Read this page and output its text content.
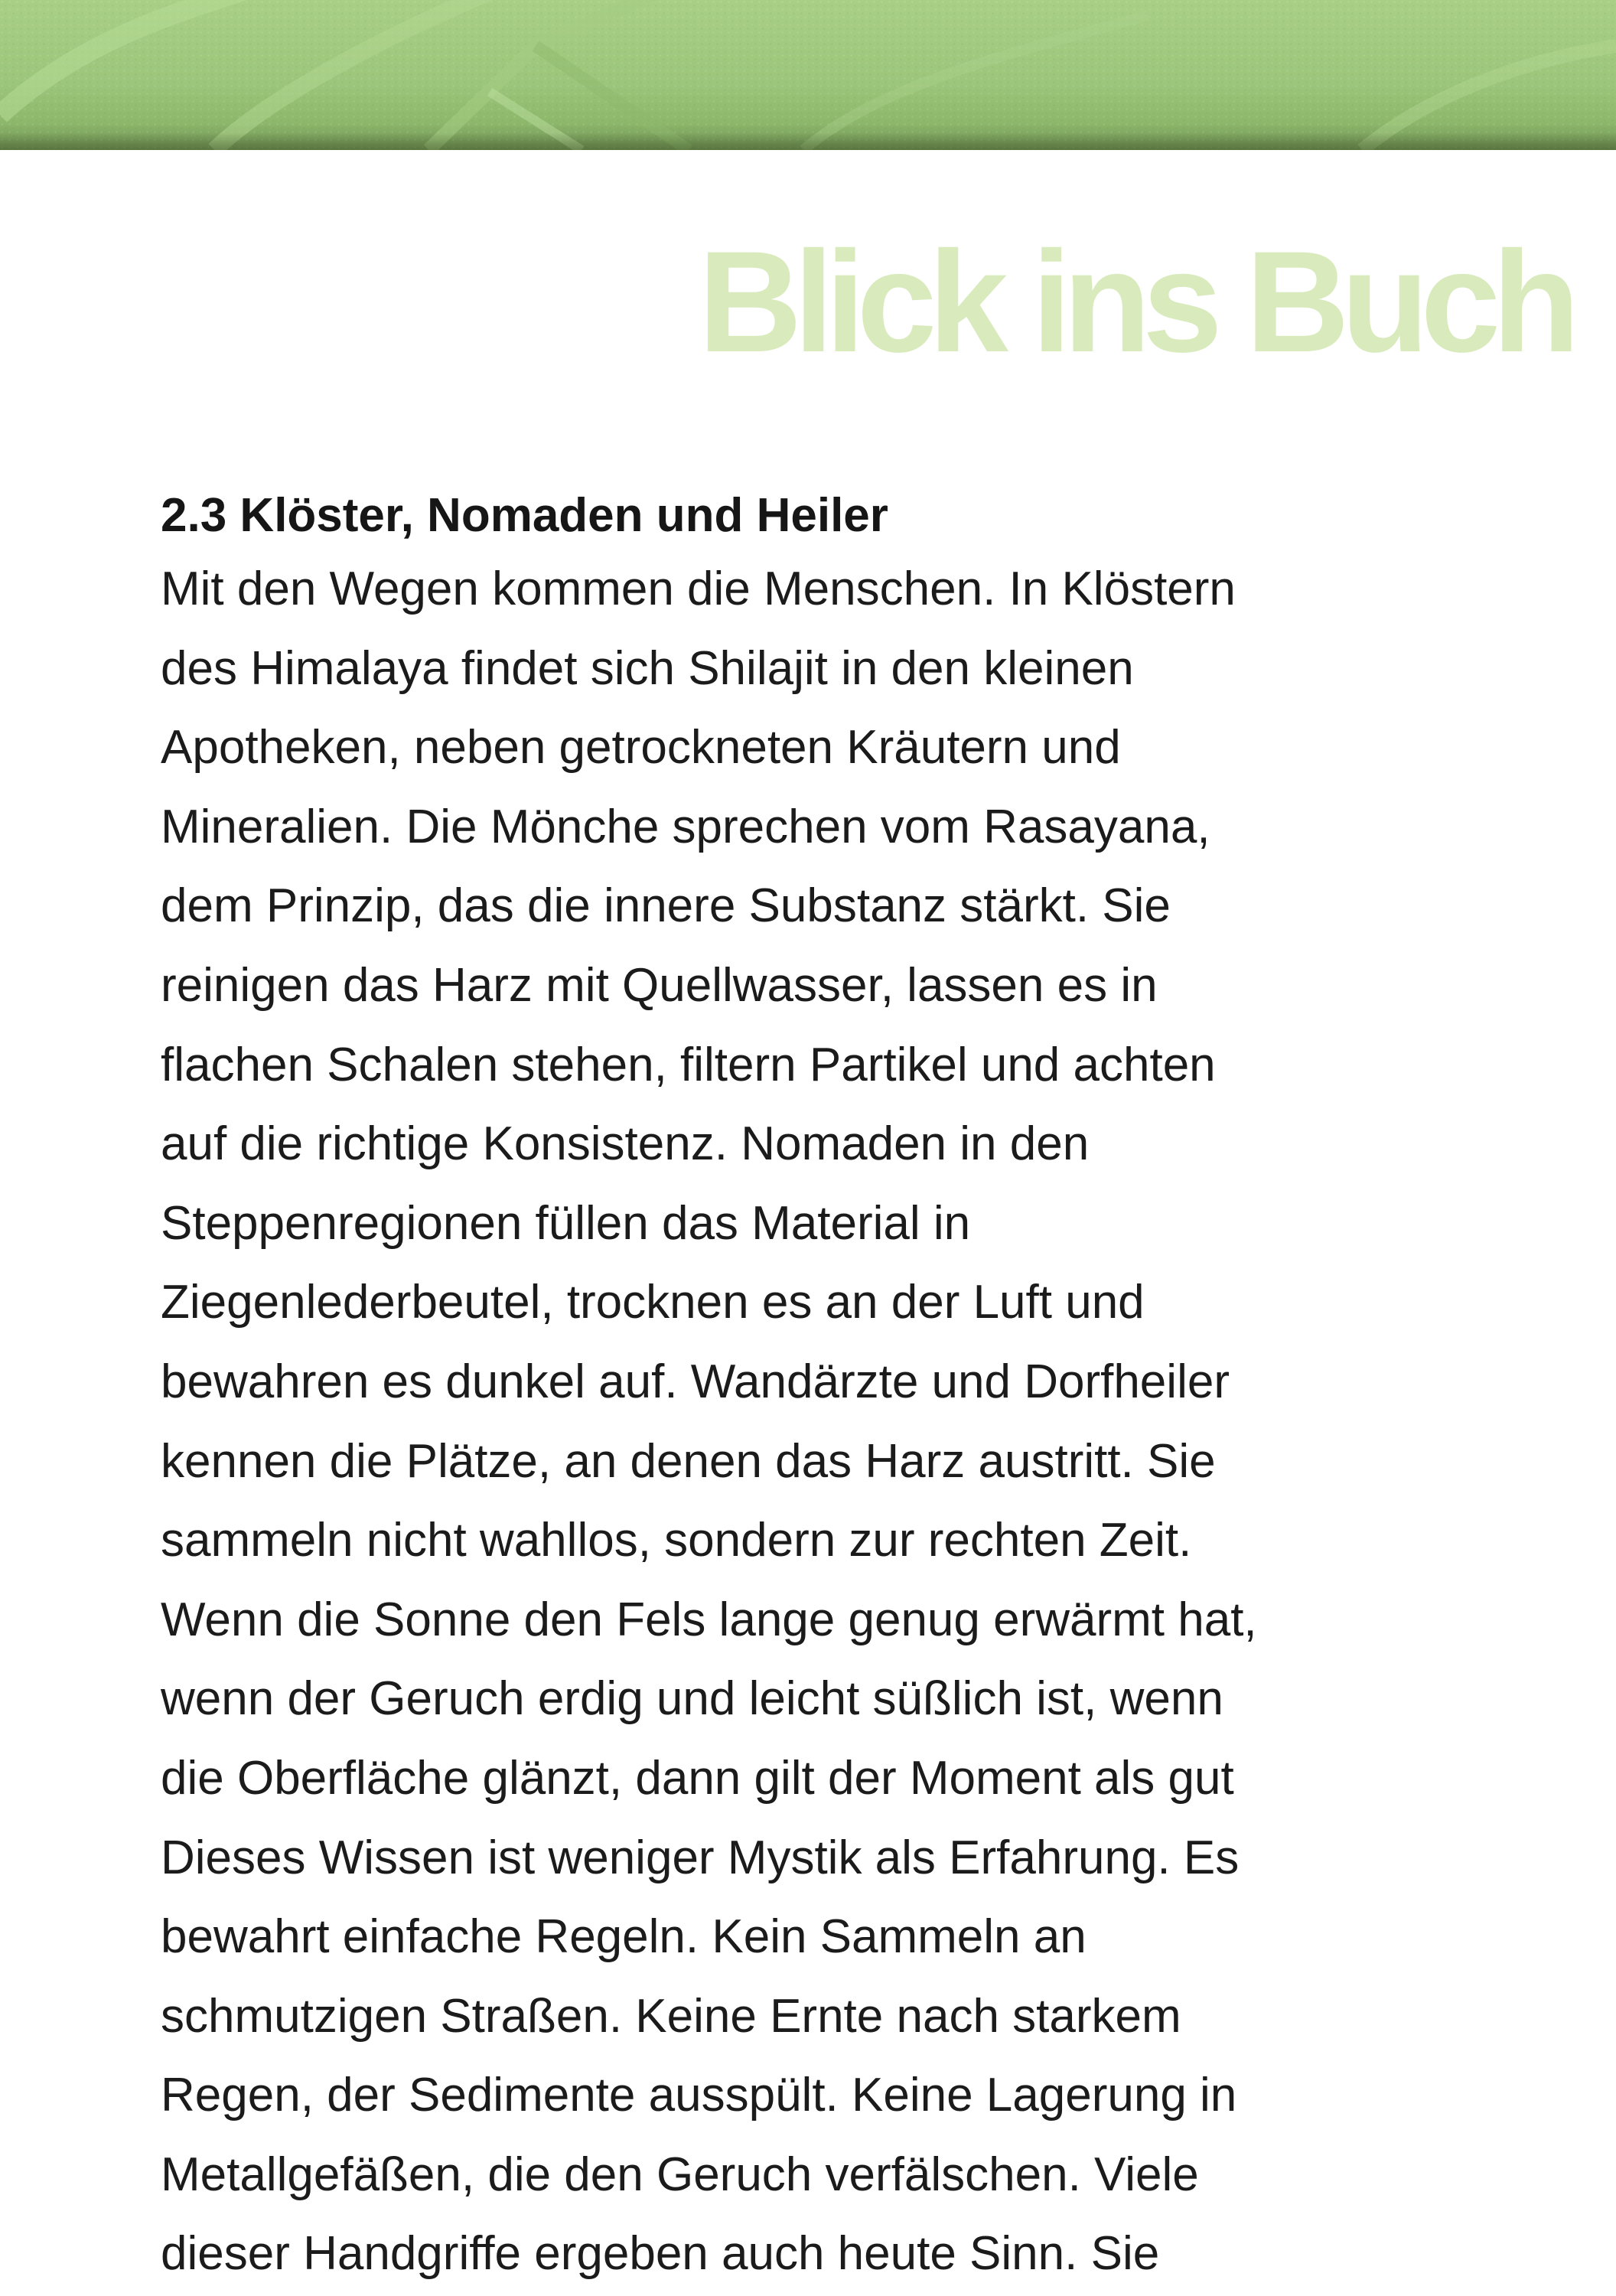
Blick ins Buch
2.3 Klöster, Nomaden und Heiler

Mit den Wegen kommen die Menschen. In Klöstern
des Himalaya findet sich Shilajit in den kleinen
Apotheken, neben getrockneten Kräutern und
Mineralien. Die Mönche sprechen vom Rasayana,
dem Prinzip, das die innere Substanz stärkt. Sie
reinigen das Harz mit Quellwasser, lassen es in
flachen Schalen stehen, filtern Partikel und achten
auf die richtige Konsistenz. Nomaden in den
Steppenregionen füllen das Material in
Ziegenlederbeutel, trocknen es an der Luft und
bewahren es dunkel auf. Wandärzte und Dorfheiler
kennen die Plätze, an denen das Harz austritt. Sie
sammeln nicht wahllos, sondern zur rechten Zeit.
Wenn die Sonne den Fels lange genug erwärmt hat,
wenn der Geruch erdig und leicht süßlich ist, wenn
die Oberfläche glänzt, dann gilt der Moment als gut
Dieses Wissen ist weniger Mystik als Erfahrung. Es
bewahrt einfache Regeln. Kein Sammeln an
schmutzigen Straßen. Keine Ernte nach starkem
Regen, der Sedimente ausspült. Keine Lagerung in
Metallgefäßen, die den Geruch verfälschen. Viele
dieser Handgriffe ergeben auch heute Sinn. Sie
